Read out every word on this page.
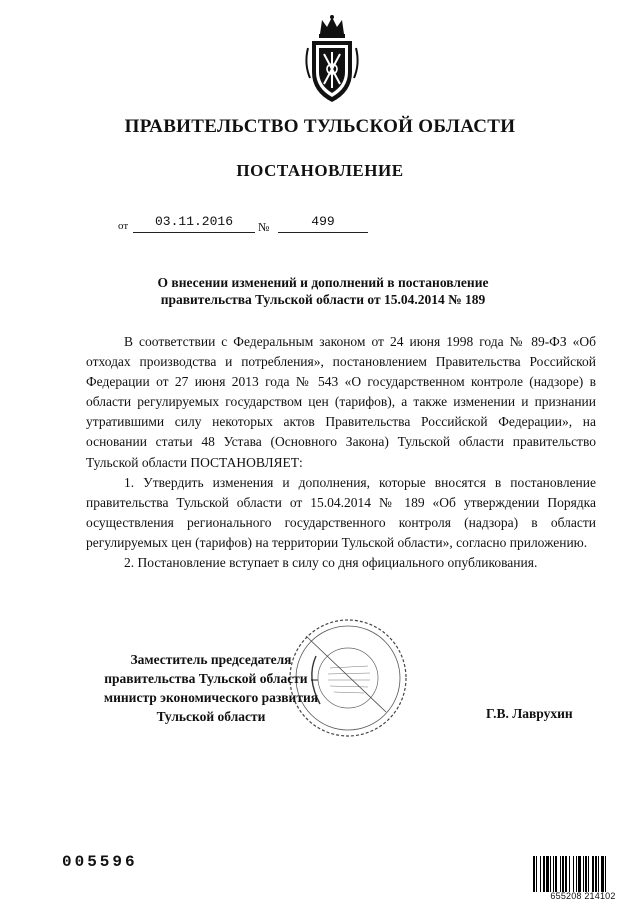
ПРАВИТЕЛЬСТВО ТУЛЬСКОЙ ОБЛАСТИ
ПОСТАНОВЛЕНИЕ
от	03.11.2016	№	499
О внесении изменений и дополнений в постановление
правительства Тульской области от 15.04.2014 № 189

В соответствии с Федеральным законом от 24 июня 1998 года № 89-ФЗ «Об отходах производства и потребления», постановлением Правительства Российской Федерации от 27 июня 2013 года № 543 «О государственном контроле (надзоре) в области регулируемых государством цен (тарифов), а также изменении и признании утратившими силу некоторых актов Правительства Российской Федерации», на основании статьи 48 Устава (Основного Закона) Тульской области правительство Тульской области ПОСТАНОВЛЯЕТ:

1. Утвердить изменения и дополнения, которые вносятся в постановление правительства Тульской области от 15.04.2014 № 189 «Об утверждении Порядка осуществления регионального государственного контроля (надзора) в области регулируемых цен (тарифов) на территории Тульской области», согласно приложению.

2. Постановление вступает в силу со дня официального опубликования.

Заместитель председателя
правительства Тульской области –
министр экономического развития
Тульской области	Г.В. Лаврухин
005596
655208 214102
